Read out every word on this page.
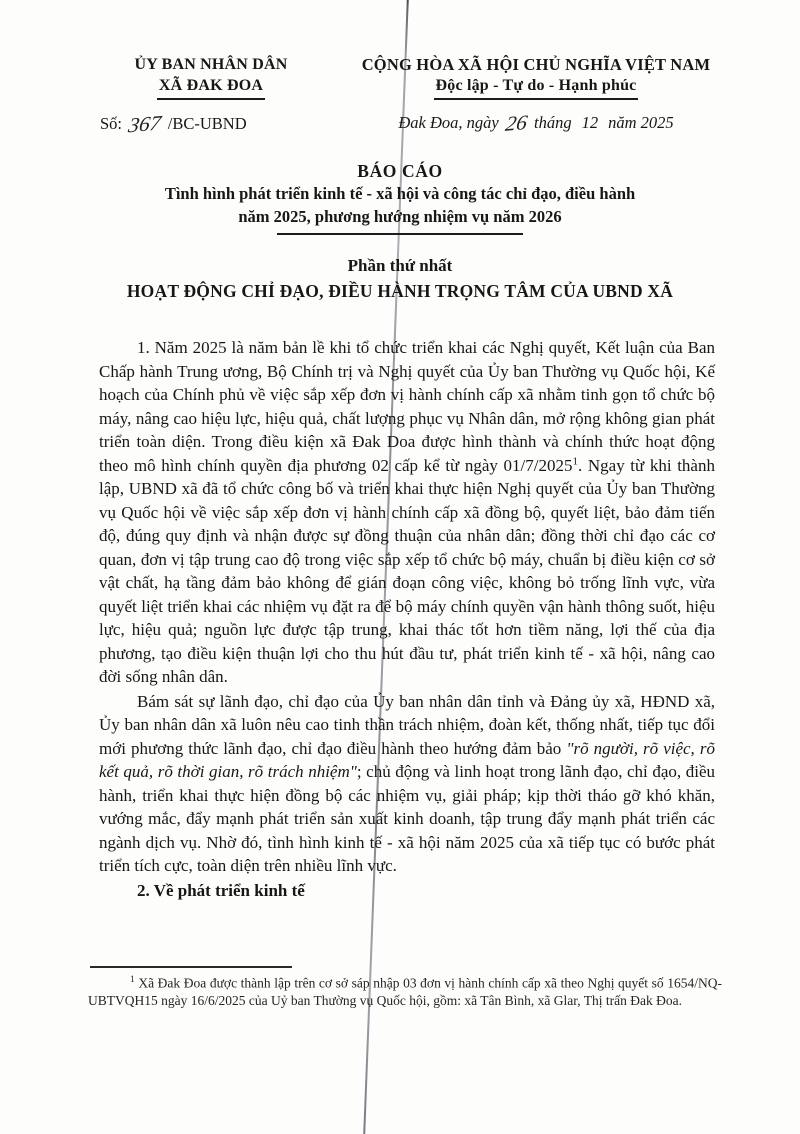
ỦY BAN NHÂN DÂN
XÃ ĐAK ĐOA
Số: 367 /BC-UBND
CỘNG HÒA XÃ HỘI CHỦ NGHĨA VIỆT NAM
Độc lập - Tự do - Hạnh phúc
Đak Đoa, ngày 26 tháng 12 năm 2025
BÁO CÁO
Tình hình phát triển kinh tế - xã hội và công tác chỉ đạo, điều hành
năm 2025, phương hướng nhiệm vụ năm 2026
Phần thứ nhất
HOẠT ĐỘNG CHỈ ĐẠO, ĐIỀU HÀNH TRỌNG TÂM CỦA UBND XÃ

1. Năm 2025 là năm bản lề khi tổ chức triển khai các Nghị quyết, Kết luận của Ban Chấp hành Trung ương, Bộ Chính trị và Nghị quyết của Ủy ban Thường vụ Quốc hội, Kế hoạch của Chính phủ về việc sắp xếp đơn vị hành chính cấp xã nhằm tinh gọn tổ chức bộ máy, nâng cao hiệu lực, hiệu quả, chất lượng phục vụ Nhân dân, mở rộng không gian phát triển toàn diện. Trong điều kiện xã Đak Doa được hình thành và chính thức hoạt động theo mô hình chính quyền địa phương 02 cấp kể từ ngày 01/7/2025$^1$. Ngay từ khi thành lập, UBND xã đã tổ chức công bố và triển khai thực hiện Nghị quyết của Ủy ban Thường vụ Quốc hội về việc sắp xếp đơn vị hành chính cấp xã đồng bộ, quyết liệt, bảo đảm tiến độ, đúng quy định và nhận được sự đồng thuận của nhân dân; đồng thời chỉ đạo các cơ quan, đơn vị tập trung cao độ trong việc sắp xếp tổ chức bộ máy, chuẩn bị điều kiện cơ sở vật chất, hạ tầng đảm bảo không để gián đoạn công việc, không bỏ trống lĩnh vực, vừa quyết liệt triển khai các nhiệm vụ đặt ra để bộ máy chính quyền vận hành thông suốt, hiệu lực, hiệu quả; nguồn lực được tập trung, khai thác tốt hơn tiềm năng, lợi thế của địa phương, tạo điều kiện thuận lợi cho thu hút đầu tư, phát triển kinh tế - xã hội, nâng cao đời sống nhân dân.

Bám sát sự lãnh đạo, chỉ đạo của Ủy ban nhân dân tỉnh và Đảng ủy xã, HĐND xã, Ủy ban nhân dân xã luôn nêu cao tinh thần trách nhiệm, đoàn kết, thống nhất, tiếp tục đổi mới phương thức lãnh đạo, chỉ đạo điều hành theo hướng đảm bảo "rõ người, rõ việc, rõ kết quả, rõ thời gian, rõ trách nhiệm"; chủ động và linh hoạt trong lãnh đạo, chỉ đạo, điều hành, triển khai thực hiện đồng bộ các nhiệm vụ, giải pháp; kịp thời tháo gỡ khó khăn, vướng mắc, đẩy mạnh phát triển sản xuất kinh doanh, tập trung đẩy mạnh phát triển các ngành dịch vụ. Nhờ đó, tình hình kinh tế - xã hội năm 2025 của xã tiếp tục có bước phát triển tích cực, toàn diện trên nhiều lĩnh vực.

2. Về phát triển kinh tế

$^1$ Xã Đak Đoa được thành lập trên cơ sở sáp nhập 03 đơn vị hành chính cấp xã theo Nghị quyết số 1654/NQ-UBTVQH15 ngày 16/6/2025 của Uỷ ban Thường vụ Quốc hội, gồm: xã Tân Bình, xã Glar, Thị trấn Đak Đoa.
